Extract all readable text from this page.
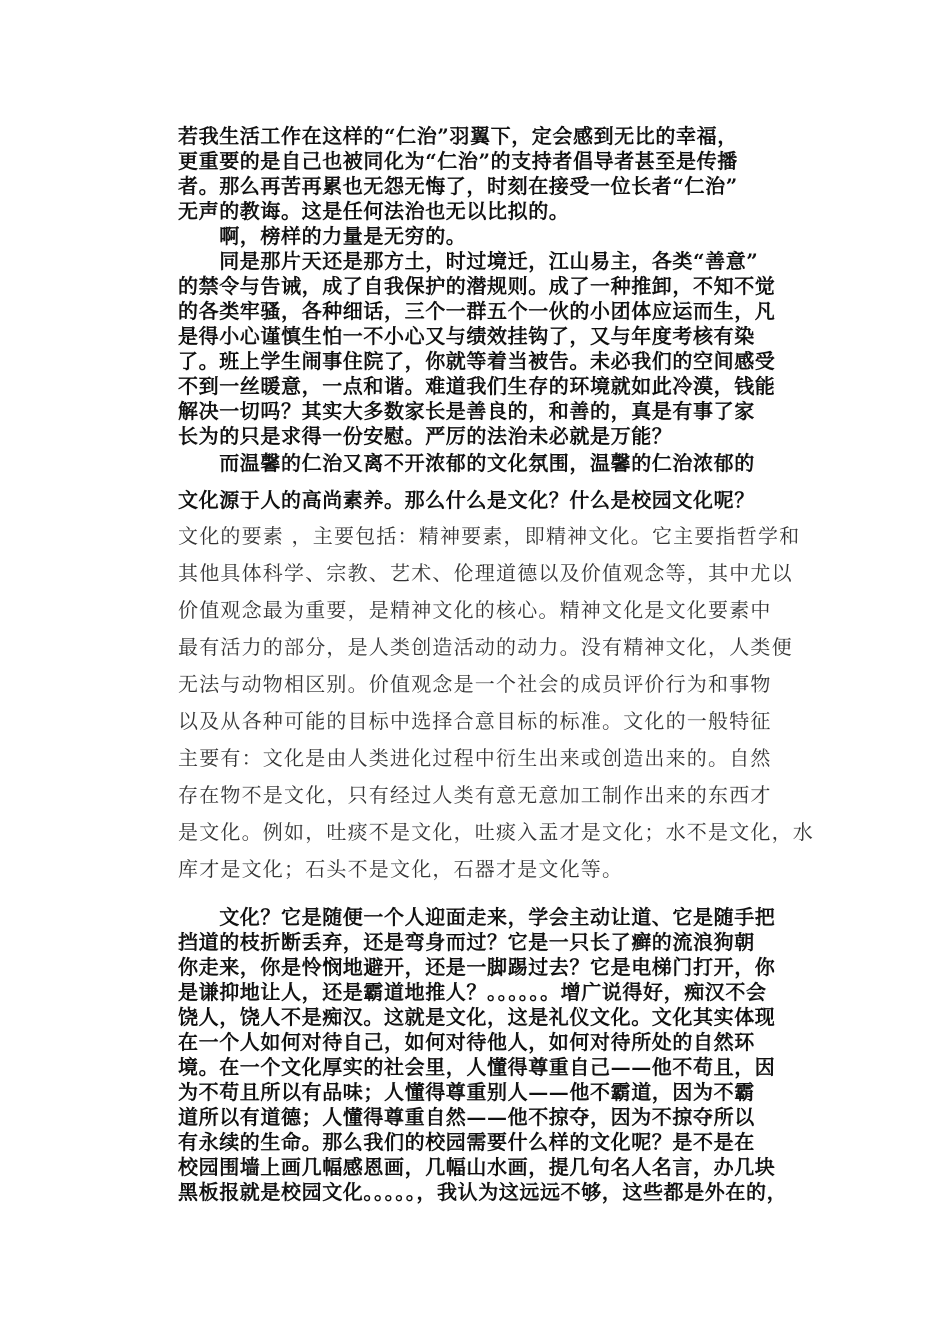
若我生活工作在这样的“仁治”羽翼下，定会感到无比的幸福，
更重要的是自己也被同化为“仁治”的支持者倡导者甚至是传播
者。那么再苦再累也无怨无悔了，时刻在接受一位长者“仁治”
无声的教诲。这是任何法治也无以比拟的。
　　啊，榜样的力量是无穷的。
　　同是那片天还是那方土，时过境迁，江山易主，各类“善意”
的禁令与告诫，成了自我保护的潜规则。成了一种推卸，不知不觉
的各类牢骚，各种细话，三个一群五个一伙的小团体应运而生，凡
是得小心谨慎生怕一不小心又与绩效挂钩了，又与年度考核有染
了。班上学生闹事住院了，你就等着当被告。未必我们的空间感受
不到一丝暖意，一点和谐。难道我们生存的环境就如此冷漠，钱能
解决一切吗？其实大多数家长是善良的，和善的，真是有事了家
长为的只是求得一份安慰。严厉的法治未必就是万能？
　　而温馨的仁治又离不开浓郁的文化氛围，温馨的仁治浓郁的
文化源于人的高尚素养。那么什么是文化？什么是校园文化呢？
文化的要素 ，主要包括：精神要素，即精神文化。它主要指哲学和
其他具体科学、宗教、艺术、伦理道德以及价值观念等，其中尤以
价值观念最为重要，是精神文化的核心。精神文化是文化要素中
最有活力的部分，是人类创造活动的动力。没有精神文化，人类便
无法与动物相区别。价值观念是一个社会的成员评价行为和事物
以及从各种可能的目标中选择合意目标的标准。文化的一般特征
主要有：文化是由人类进化过程中衍生出来或创造出来的。自然
存在物不是文化，只有经过人类有意无意加工制作出来的东西才
是文化。例如，吐痰不是文化，吐痰入盂才是文化；水不是文化，水
库才是文化；石头不是文化，石器才是文化等。
　　文化？它是随便一个人迎面走来，学会主动让道、它是随手把
挡道的枝折断丢弃，还是弯身而过？它是一只长了癣的流浪狗朝
你走来，你是怜悯地避开，还是一脚踢过去？它是电梯门打开，你
是谦抑地让人，还是霸道地推人？。。。。。。增广说得好，痴汉不会
饶人，饶人不是痴汉。这就是文化，这是礼仪文化。文化其实体现
在一个人如何对待自己，如何对待他人，如何对待所处的自然环
境。在一个文化厚实的社会里，人懂得尊重自己——他不苟且，因
为不苟且所以有品味；人懂得尊重别人——他不霸道，因为不霸
道所以有道德；人懂得尊重自然——他不掠夺，因为不掠夺所以
有永续的生命。那么我们的校园需要什么样的文化呢？是不是在
校园围墙上画几幅感恩画，几幅山水画，提几句名人名言，办几块
黑板报就是校园文化。。。。。，我认为这远远不够，这些都是外在的，
